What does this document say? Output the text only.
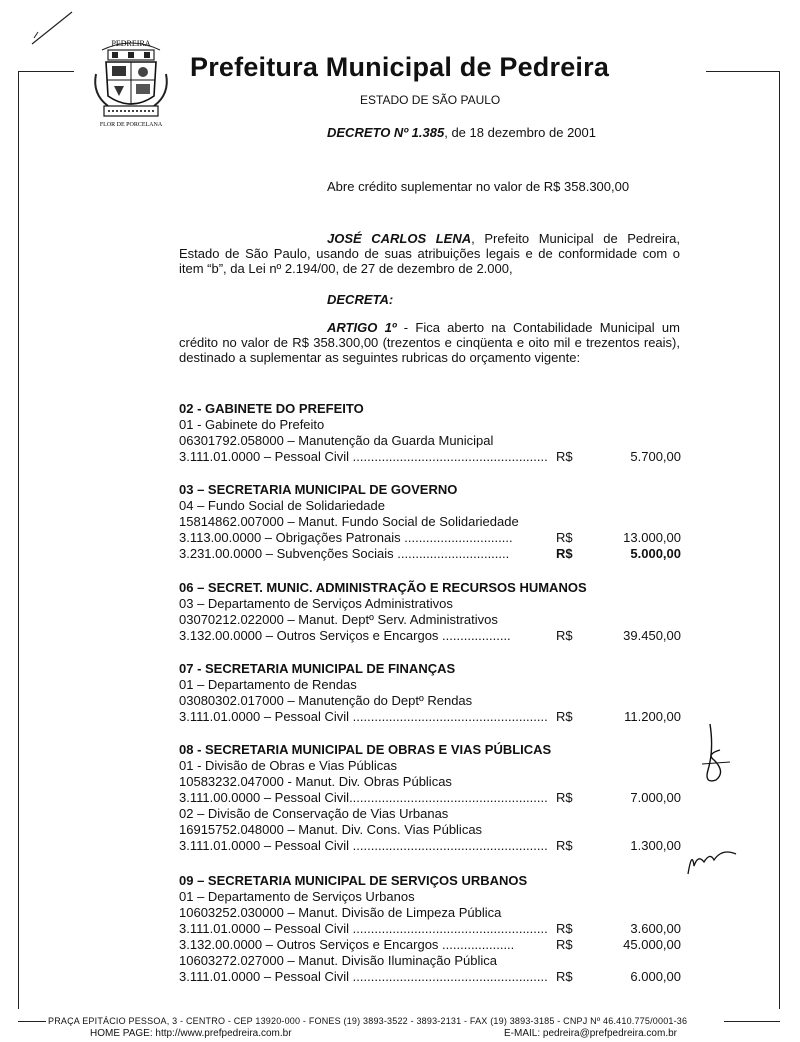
PEDREIRA
FLOR DE PORCELANA
Prefeitura Municipal de Pedreira
ESTADO DE SÃO PAULO
DECRETO Nº 1.385, de 18 dezembro de 2001
Abre crédito suplementar no valor de R$ 358.300,00
JOSÉ CARLOS LENA, Prefeito Municipal de Pedreira, Estado de São Paulo, usando de suas atribuições legais e de conformidade com o item “b”, da Lei nº 2.194/00, de 27 de dezembro de 2.000,
DECRETA:
ARTIGO 1º - Fica aberto na Contabilidade Municipal um crédito no valor de R$ 358.300,00 (trezentos e cinqüenta e oito mil e trezentos reais), destinado a suplementar as seguintes rubricas do orçamento vigente:
02 - GABINETE DO PREFEITO
01 - Gabinete do Prefeito
06301792.058000 – Manutenção da Guarda Municipal
3.111.01.0000 – Pessoal Civil ...................................................... R$	5.700,00
03 – SECRETARIA MUNICIPAL DE GOVERNO
04 – Fundo Social de Solidariedade
15814862.007000 – Manut. Fundo Social de Solidariedade
3.113.00.0000 – Obrigações Patronais ..............................	R$	13.000,00
3.231.00.0000 – Subvenções Sociais ...............................	R$	5.000,00
06 – SECRET. MUNIC. ADMINISTRAÇÃO E RECURSOS HUMANOS
03 – Departamento de Serviços Administrativos
03070212.022000 – Manut. Deptº Serv. Administrativos
3.132.00.0000 – Outros Serviços e Encargos ...................	R$	39.450,00
07 - SECRETARIA MUNICIPAL DE FINANÇAS
01 – Departamento de Rendas
03080302.017000 – Manutenção do Deptº Rendas
3.111.01.0000 – Pessoal Civil ...................................................... R$	11.200,00
08 - SECRETARIA MUNICIPAL DE OBRAS E VIAS PÚBLICAS
01 - Divisão de Obras e Vias Públicas
10583232.047000 - Manut. Div. Obras Públicas
3.111.00.0000 – Pessoal Civil....................................................... R$	7.000,00
02 – Divisão de Conservação de Vias Urbanas
16915752.048000 – Manut. Div. Cons. Vias Públicas
3.111.01.0000 – Pessoal Civil ...................................................... R$	1.300,00
09 – SECRETARIA MUNICIPAL DE SERVIÇOS URBANOS
01 – Departamento de Serviços Urbanos
10603252.030000 – Manut. Divisão de Limpeza Pública
3.111.01.0000 – Pessoal Civil ...................................................... R$	3.600,00
3.132.00.0000 – Outros Serviços e Encargos ....................	R$	45.000,00
10603272.027000 – Manut. Divisão Iluminação Pública
3.111.01.0000 – Pessoal Civil ...................................................... R$	6.000,00
PRAÇA EPITÁCIO PESSOA, 3 - CENTRO - CEP 13920-000 - FONES (19) 3893-3522 - 3893-2131 - FAX (19) 3893-3185 - CNPJ Nº 46.410.775/0001-36
HOME PAGE: http://www.prefpedreira.com.br	E-MAIL: pedreira@prefpedreira.com.br
